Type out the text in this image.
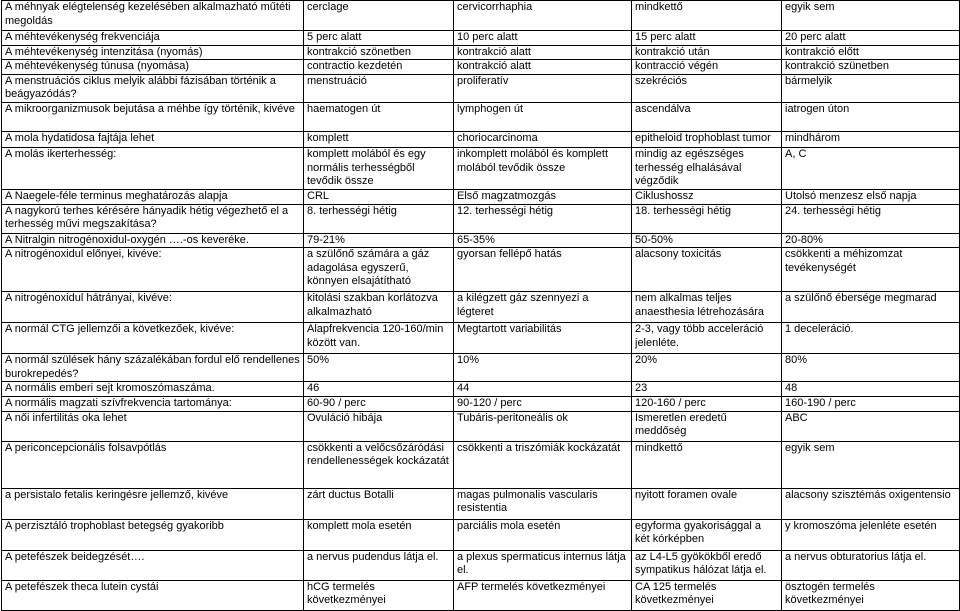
A méhnyak elégtelenség kezelésében alkalmazható műtéti megoldás	cerclage	cervicorrhaphia	mindkettő	egyik sem
A méhtevékenység frekvenciája	5 perc alatt	10 perc alatt	15 perc alatt	20 perc alatt
A méhtevékenység intenzitása (nyomás)	kontrakció szönetben	kontrakció alatt	kontrakció után	kontrakció előtt
A méhtevékenység túnusa (nyomása)	contractio kezdetén	kontrakció alatt	kontracció végén	kontrakció szünetben
A menstruációs ciklus melyik alábbi fázisában történik a beágyazódás?	menstruáció	proliferatív	szekréciós	bármelyik
A mikroorganizmusok bejutása a méhbe így történik, kivéve	haematogen út	lymphogen út	ascendálva	iatrogen úton
A mola hydatidosa fajtája lehet	komplett	choriocarcinoma	epitheloid trophoblast tumor	mindhárom
A molás ikerterhesség:	komplett molából és egy normális terhességből tevődik össze	inkomplett molából és komplett molából tevődik össze	mindig az egészséges terhesség elhalásával végződik	A, C
A Naegele-féle terminus meghatározás alapja	CRL	Első magzatmozgás	Ciklushossz	Utolsó menzesz első napja
A nagykorú terhes kérésére hányadik hétig végezhető el a terhesség művi megszakítása?	8. terhességi hétig	12. terhességi hétig	18. terhességi hétig	24. terhességi hétig
A Nitralgin nitrogénoxidul-oxygén ….-os keveréke.	79-21%	65-35%	50-50%	20-80%
A nitrogénoxidul előnyei, kivéve:	a szülőnő számára a gáz adagolása egyszerű, könnyen elsajátítható	gyorsan fellépő hatás	alacsony toxicitás	csökkenti a méhizomzat tevékenységét
A nitrogénoxidul hátrányai, kivéve:	kitolási szakban korlátozva alkalmazható	a kilégzett gáz szennyezi a légteret	nem alkalmas teljes anaesthesia létrehozására	a szülőnő ébersége megmarad
A normál CTG jellemzői a következőek, kivéve:	Alapfrekvencia 120-160/min között van.	Megtartott variabilitás	2-3, vagy több acceleráció jelenléte.	1 deceleráció.
A normál szülések hány százalékában fordul elő rendellenes burokrepedés?	50%	10%	20%	80%
A normális emberi sejt kromoszómaszáma.	46	44	23	48
A normális magzati szívfrekvencia tartománya:	60-90 / perc	90-120 / perc	120-160 / perc	160-190 / perc
A női infertilitás oka lehet	Ovuláció hibája	Tubáris-peritoneális ok	Ismeretlen eredetű meddőség	ABC
A periconcepcionális folsavpótlás	csökkenti a velőcsőzáródási rendellenességek kockázatát	csökkenti a triszómiák kockázatát	mindkettő	egyik sem
a persistalo fetalis keringésre jellemző, kivéve	zárt ductus Botalli	magas pulmonalis vascularis resistentia	nyitott foramen ovale	alacsony szisztémás oxigentensio
A perzisztáló trophoblast betegség gyakoribb	komplett mola esetén	parciális mola esetén	egyforma gyakorisággal a két kórképben	y kromoszóma jelenléte esetén
A petefészek beidegzését….	a nervus pudendus látja el.	a plexus spermaticus internus látja el.	az L4-L5 gyökökből eredő sympatikus hálózat látja el.	a nervus obturatorius látja el.
A petefészek theca lutein cystái	hCG termelés következményei	AFP termelés következményei	CA 125 termelés következményei	ösztogén termelés következményei
